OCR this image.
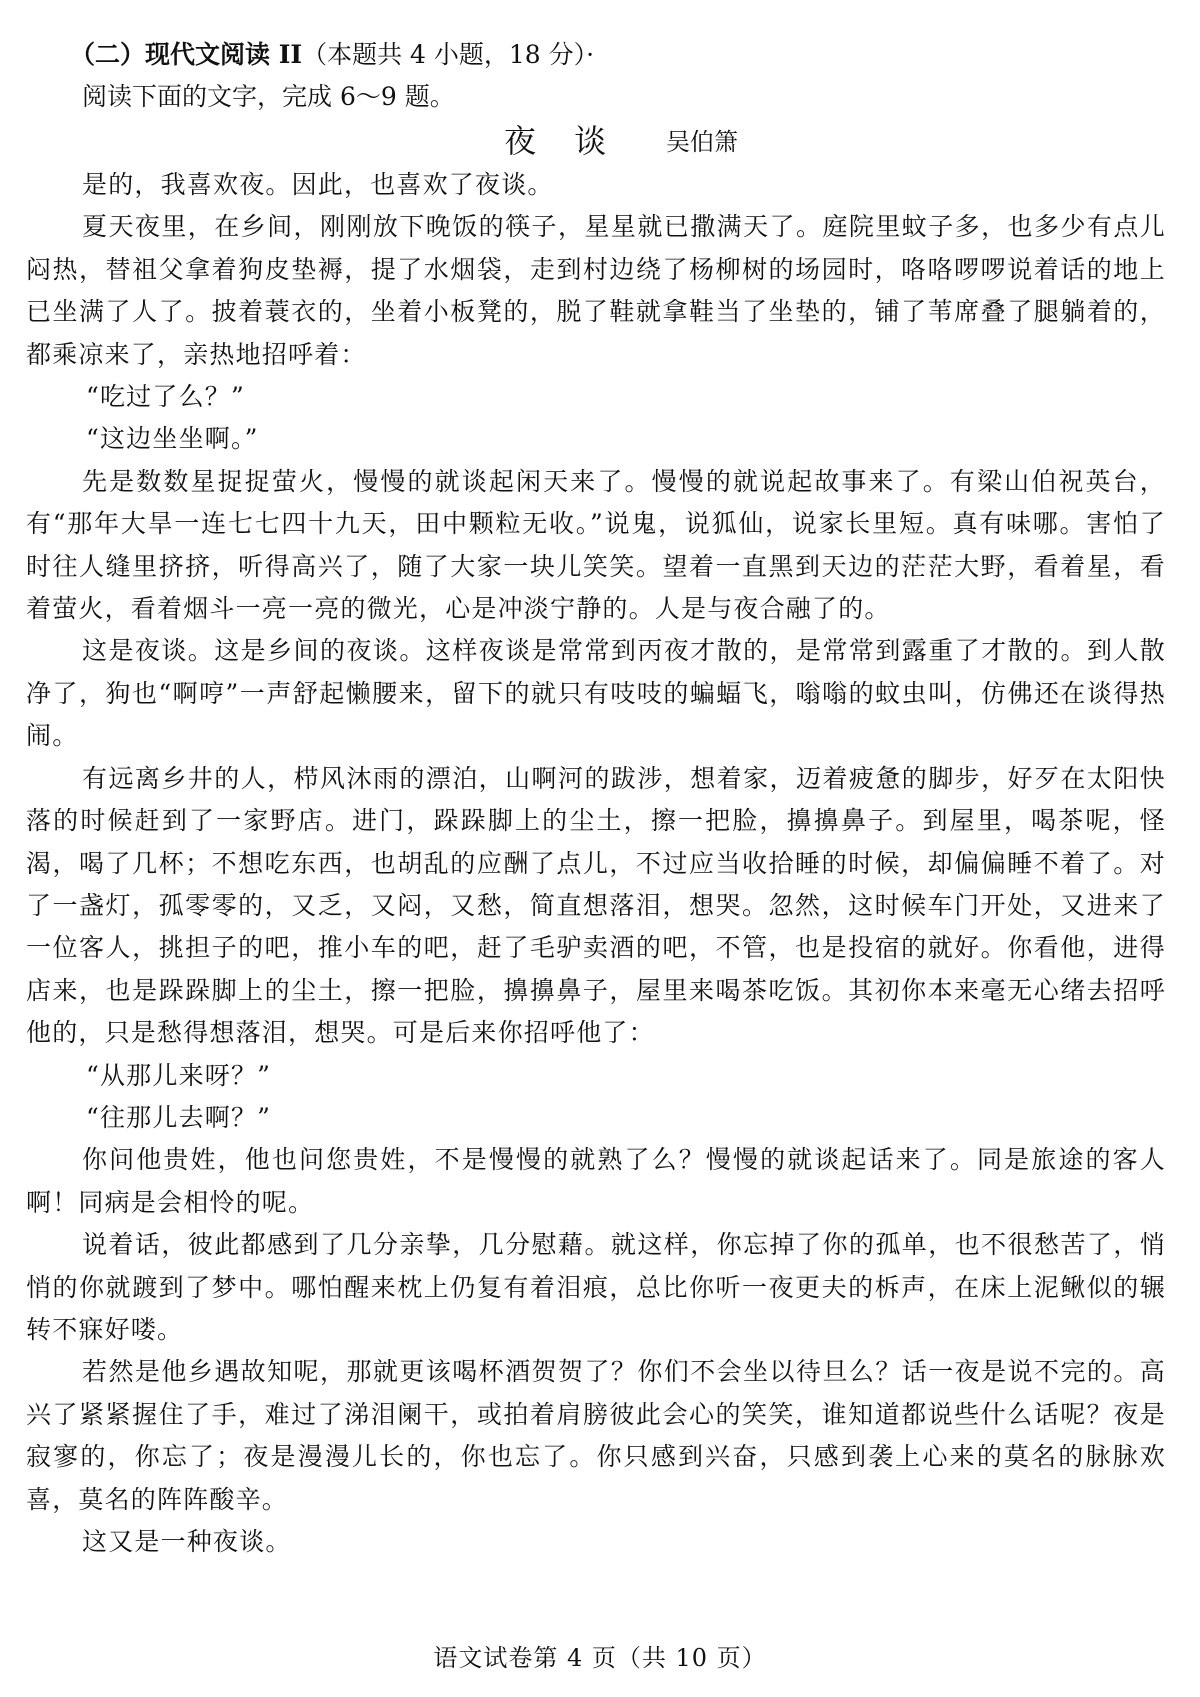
（二）现代文阅读 II（本题共 4 小题，18 分）·
阅读下面的文字，完成 6～9 题。
夜 谈 吴伯箫

是的，我喜欢夜。因此，也喜欢了夜谈。

夏天夜里，在乡间，刚刚放下晚饭的筷子，星星就已撒满天了。庭院里蚊子多，也多少有点儿闷热，替祖父拿着狗皮垫褥，提了水烟袋，走到村边绕了杨柳树的场园时，咯咯啰啰说着话的地上已坐满了人了。披着蓑衣的，坐着小板凳的，脱了鞋就拿鞋当了坐垫的，铺了苇席叠了腿躺着的，都乘凉来了，亲热地招呼着：

“吃过了么？”

“这边坐坐啊。”

先是数数星捉捉萤火，慢慢的就谈起闲天来了。慢慢的就说起故事来了。有梁山伯祝英台，有“那年大旱一连七七四十九天，田中颗粒无收。”说鬼，说狐仙，说家长里短。真有味哪。害怕了时往人缝里挤挤，听得高兴了，随了大家一块儿笑笑。望着一直黑到天边的茫茫大野，看着星，看着萤火，看着烟斗一亮一亮的微光，心是冲淡宁静的。人是与夜合融了的。

这是夜谈。这是乡间的夜谈。这样夜谈是常常到丙夜才散的，是常常到露重了才散的。到人散净了，狗也“啊哼”一声舒起懒腰来，留下的就只有吱吱的蝙蝠飞，嗡嗡的蚊虫叫，仿佛还在谈得热闹。

有远离乡井的人，栉风沐雨的漂泊，山啊河的跋涉，想着家，迈着疲惫的脚步，好歹在太阳快落的时候赶到了一家野店。进门，跺跺脚上的尘土，擦一把脸，擤擤鼻子。到屋里，喝茶呢，怪渴，喝了几杯；不想吃东西，也胡乱的应酬了点儿，不过应当收拾睡的时候，却偏偏睡不着了。对了一盏灯，孤零零的，又乏，又闷，又愁，简直想落泪，想哭。忽然，这时候车门开处，又进来了一位客人，挑担子的吧，推小车的吧，赶了毛驴卖酒的吧，不管，也是投宿的就好。你看他，进得店来，也是跺跺脚上的尘土，擦一把脸，擤擤鼻子，屋里来喝茶吃饭。其初你本来毫无心绪去招呼他的，只是愁得想落泪，想哭。可是后来你招呼他了：

“从那儿来呀？”

“往那儿去啊？”

你问他贵姓，他也问您贵姓，不是慢慢的就熟了么？慢慢的就谈起话来了。同是旅途的客人啊！同病是会相怜的呢。

说着话，彼此都感到了几分亲挚，几分慰藉。就这样，你忘掉了你的孤单，也不很愁苦了，悄悄的你就踱到了梦中。哪怕醒来枕上仍复有着泪痕，总比你听一夜更夫的柝声，在床上泥鳅似的辗转不寐好喽。

若然是他乡遇故知呢，那就更该喝杯酒贺贺了？你们不会坐以待旦么？话一夜是说不完的。高兴了紧紧握住了手，难过了涕泪阑干，或拍着肩膀彼此会心的笑笑，谁知道都说些什么话呢？夜是寂寥的，你忘了；夜是漫漫儿长的，你也忘了。你只感到兴奋，只感到袭上心来的莫名的脉脉欢喜，莫名的阵阵酸辛。

这又是一种夜谈。

语文试卷第 4 页（共 10 页）
